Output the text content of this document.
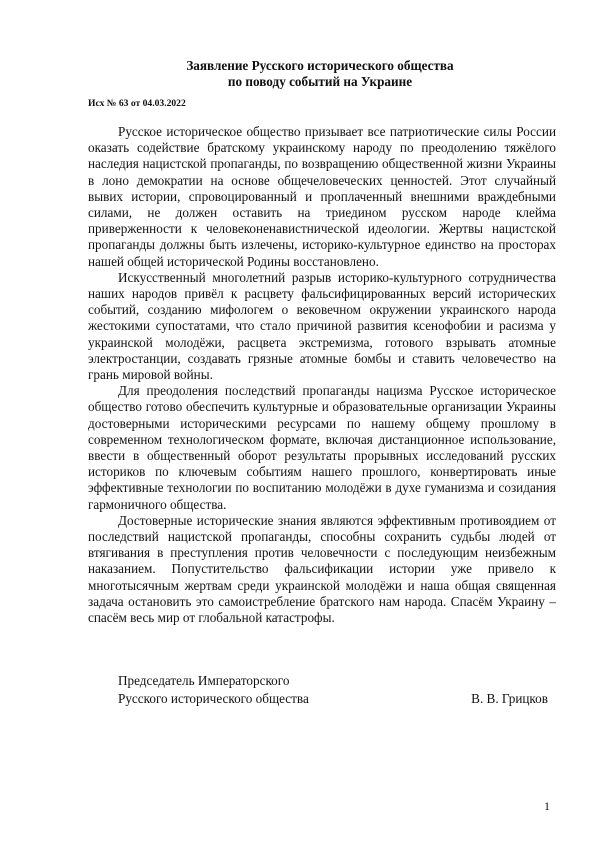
Заявление Русского исторического общества
по поводу событий на Украине
Исх № 63 от 04.03.2022

Русское историческое общество призывает все патриотические силы России оказать содействие братскому украинскому народу по преодолению тяжёлого наследия нацистской пропаганды, по возвращению общественной жизни Украины в лоно демократии на основе общечеловеческих ценностей. Этот случайный вывих истории, спровоцированный и проплаченный внешними враждебными силами, не должен оставить на триедином русском народе клейма приверженности к человеконенавистнической идеологии. Жертвы нацистской пропаганды должны быть излечены, историко-культурное единство на просторах нашей общей исторической Родины восстановлено.

Искусственный многолетний разрыв историко-культурного сотрудничества наших народов привёл к расцвету фальсифицированных версий исторических событий, созданию мифологем о вековечном окружении украинского народа жестокими супостатами, что стало причиной развития ксенофобии и расизма у украинской молодёжи, расцвета экстремизма, готового взрывать атомные электростанции, создавать грязные атомные бомбы и ставить человечество на грань мировой войны.

Для преодоления последствий пропаганды нацизма Русское историческое общество готово обеспечить культурные и образовательные организации Украины достоверными историческими ресурсами по нашему общему прошлому в современном технологическом формате, включая дистанционное использование, ввести в общественный оборот результаты прорывных исследований русских историков по ключевым событиям нашего прошлого, конвертировать иные эффективные технологии по воспитанию молодёжи в духе гуманизма и созидания гармоничного общества.

Достоверные исторические знания являются эффективным противоядием от последствий нацистской пропаганды, способны сохранить судьбы людей от втягивания в преступления против человечности с последующим неизбежным наказанием. Попустительство фальсификации истории уже привело к многотысячным жертвам среди украинской молодёжи и наша общая священная задача остановить это самоистребление братского нам народа. Спасём Украину – спасём весь мир от глобальной катастрофы.

Председатель Императорского
Русского исторического общества	В. В. Грицков
1
